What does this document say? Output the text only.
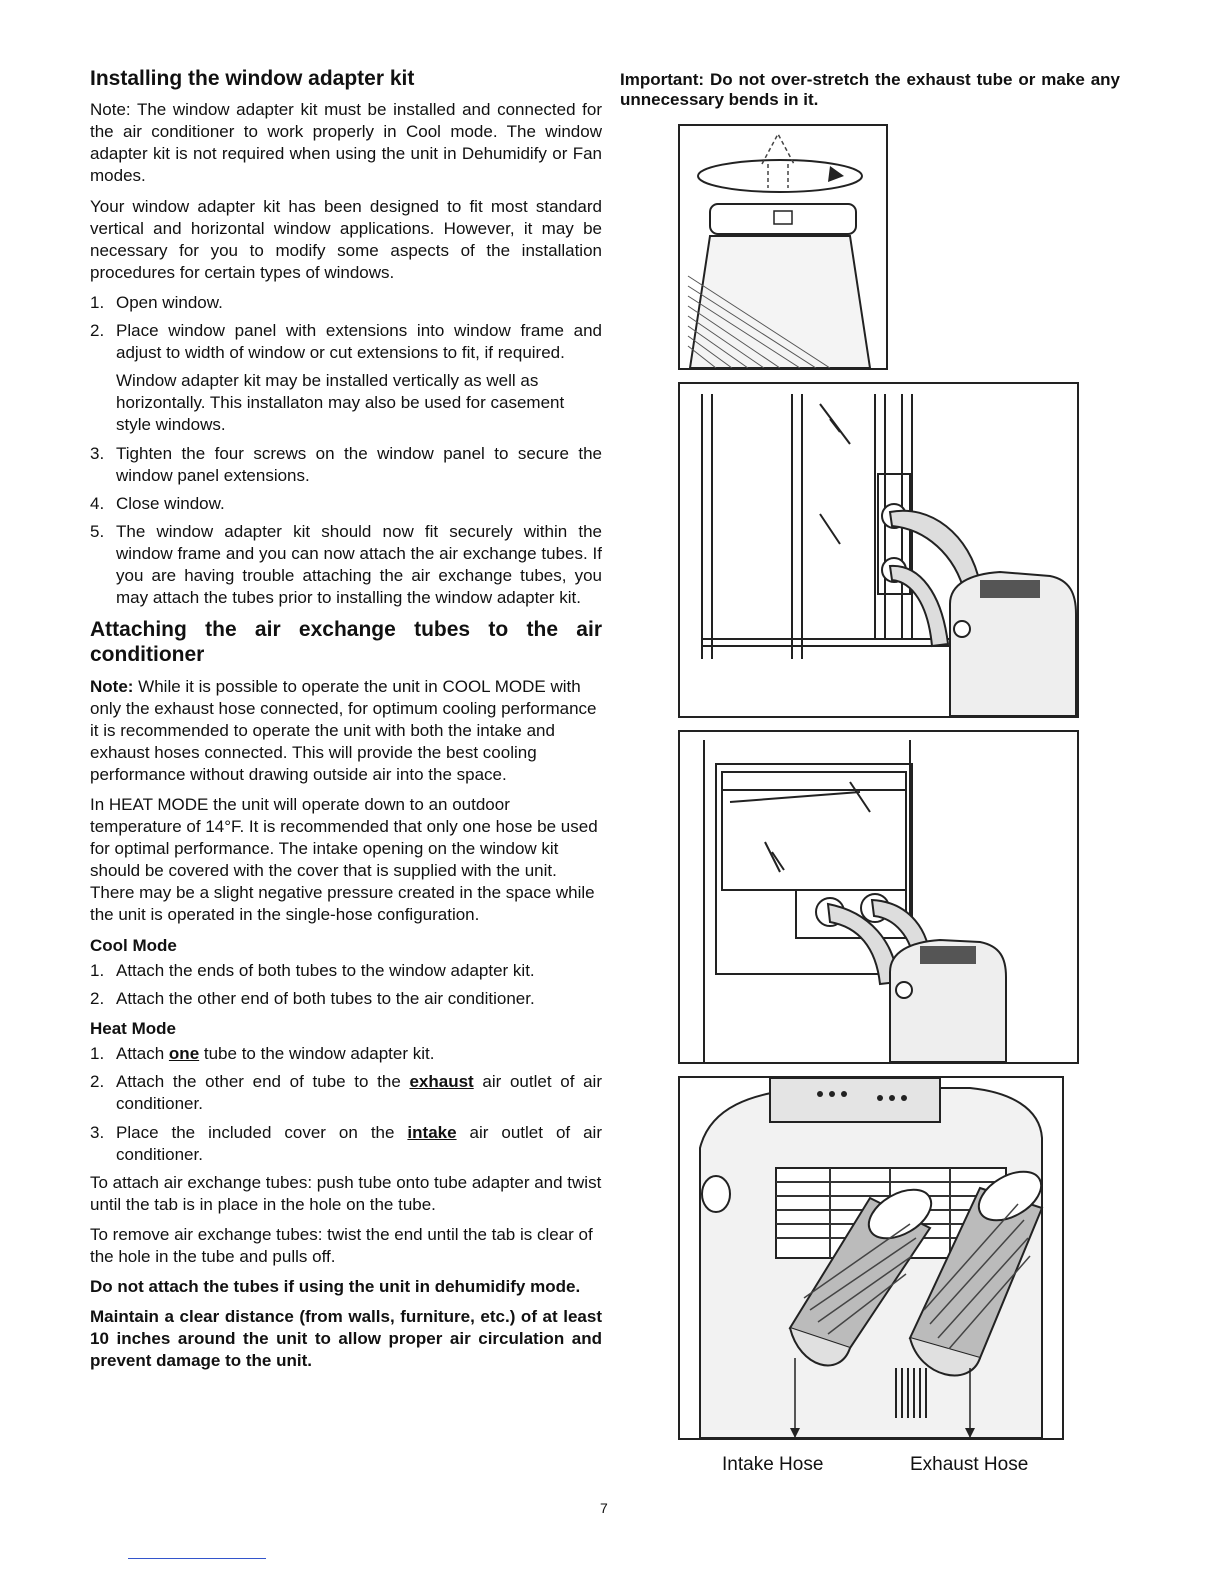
Installing the window adapter kit

Note: The window adapter kit must be installed and connected for the air conditioner to work properly in Cool mode. The window adapter kit is not required when using the unit in Dehumidify or Fan modes.

Your window adapter kit has been designed to fit most standard vertical and horizontal window applications. However, it may be necessary for you to modify some aspects of the installation procedures for certain types of windows.

1. Open window.
2. Place window panel with extensions into window frame and adjust to width of window or cut extensions to fit, if required.

Window adapter kit may be installed vertically as well as horizontally. This installaton may also be used for casement style windows.

3. Tighten the four screws on the window panel to secure the window panel extensions.
4. Close window.
5. The window adapter kit should now fit securely within the window frame and you can now attach the air exchange tubes. If you are having trouble attaching the air exchange tubes, you may attach the tubes prior to installing the window adapter kit.
Attaching the air exchange tubes to the air conditioner

Note: While it is possible to operate the unit in COOL MODE with only the exhaust hose connected, for optimum cooling performance it is recommended to operate the unit with both the intake and exhaust hoses connected. This will provide the best cooling performance without drawing outside air into the space.

In HEAT MODE the unit will operate down to an outdoor temperature of 14°F. It is recommended that only one hose be used for optimal performance. The intake opening on the window kit should be covered with the cover that is supplied with the unit. There may be a slight negative pressure created in the space while the unit is operated in the single-hose configuration.

Cool Mode
1. Attach the ends of both tubes to the window adapter kit.
2. Attach the other end of both tubes to the air conditioner.
Heat Mode
1. Attach one tube to the window adapter kit.
2. Attach the other end of tube to the exhaust air outlet of air conditioner.
3. Place the included cover on the intake air outlet of air conditioner.

To attach air exchange tubes: push tube onto tube adapter and twist until the tab is in place in the hole on the tube.

To remove air exchange tubes: twist the end until the tab is clear of the hole in the tube and pulls off.

Do not attach the tubes if using the unit in dehumidify mode.

Maintain a clear distance (from walls, furniture, etc.) of at least 10 inches around the unit to allow proper air circulation and prevent damage to the unit.

Important: Do not over-stretch the exhaust tube or make any unnecessary bends in it.

Intake Hose	Exhaust Hose
7
